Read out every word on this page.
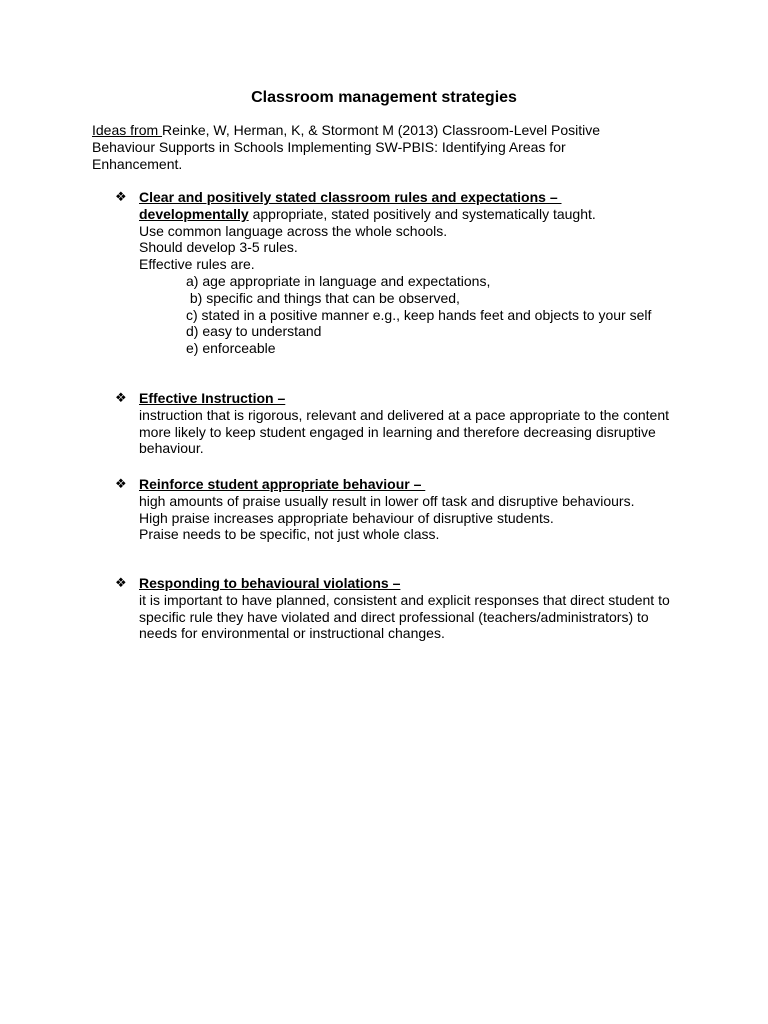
Classroom management strategies
Ideas from Reinke, W, Herman, K, & Stormont M (2013) Classroom-Level Positive Behaviour Supports in Schools Implementing SW-PBIS: Identifying Areas for Enhancement.
❖ Clear and positively stated classroom rules and expectations –
developmentally appropriate, stated positively and systematically taught.
Use common language across the whole schools.
Should develop 3-5 rules.
Effective rules are.
a) age appropriate in language and expectations,
b) specific and things that can be observed,
c) stated in a positive manner e.g., keep hands feet and objects to your self
d) easy to understand
e) enforceable
❖ Effective Instruction –
instruction that is rigorous, relevant and delivered at a pace appropriate to the content more likely to keep student engaged in learning and therefore decreasing disruptive behaviour.
❖ Reinforce student appropriate behaviour –
high amounts of praise usually result in lower off task and disruptive behaviours.
High praise increases appropriate behaviour of disruptive students.
Praise needs to be specific, not just whole class.
❖ Responding to behavioural violations –
it is important to have planned, consistent and explicit responses that direct student to specific rule they have violated and direct professional (teachers/administrators) to needs for environmental or instructional changes.
